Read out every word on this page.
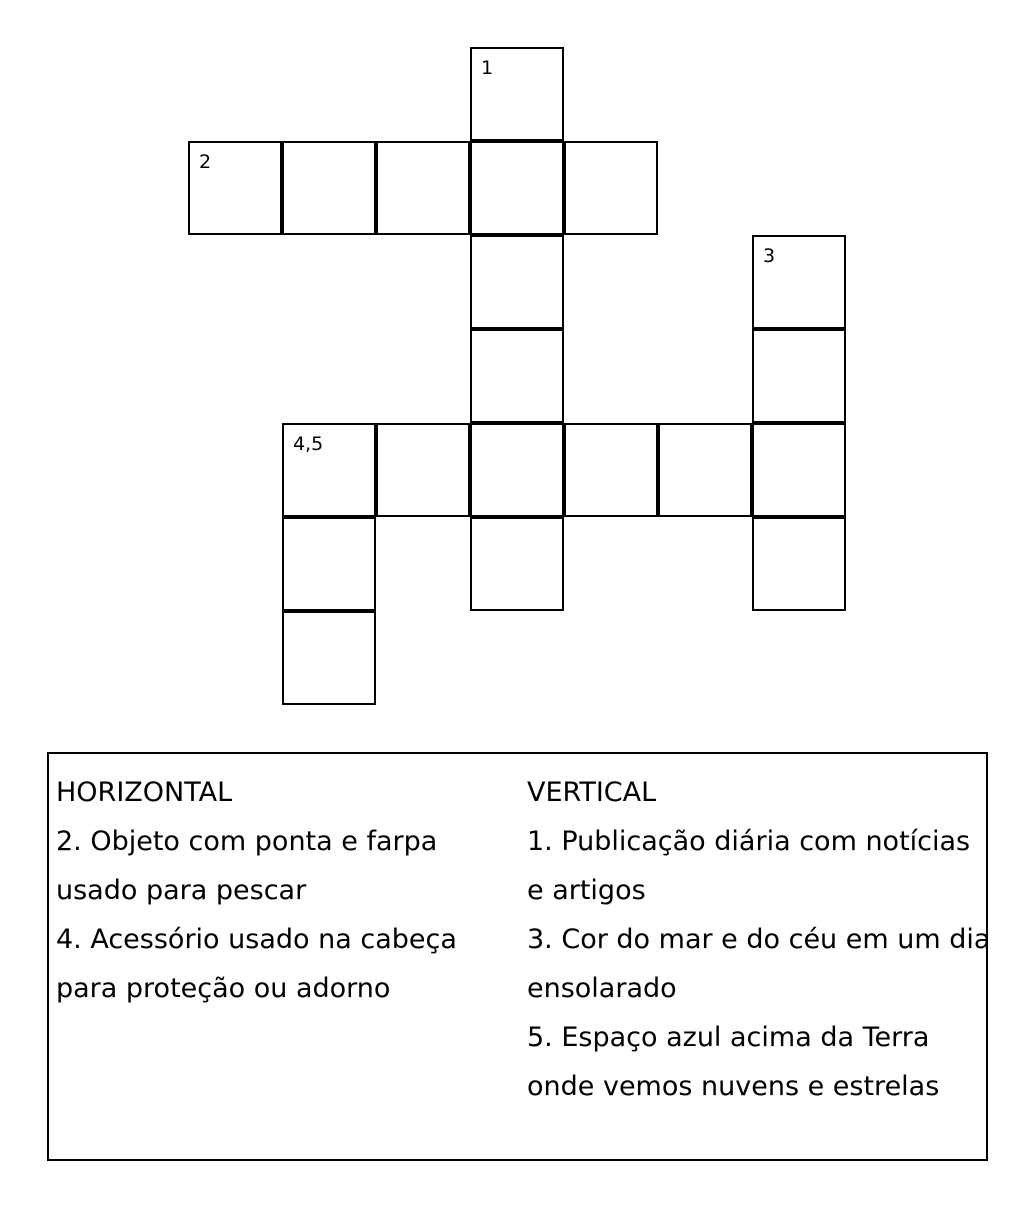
1
2
3
4,5
HORIZONTAL
2. Objeto com ponta e farpa
usado para pescar
4. Acessório usado na cabeça
para proteção ou adorno
VERTICAL
1. Publicação diária com notícias
e artigos
3. Cor do mar e do céu em um dia
ensolarado
5. Espaço azul acima da Terra
onde vemos nuvens e estrelas
